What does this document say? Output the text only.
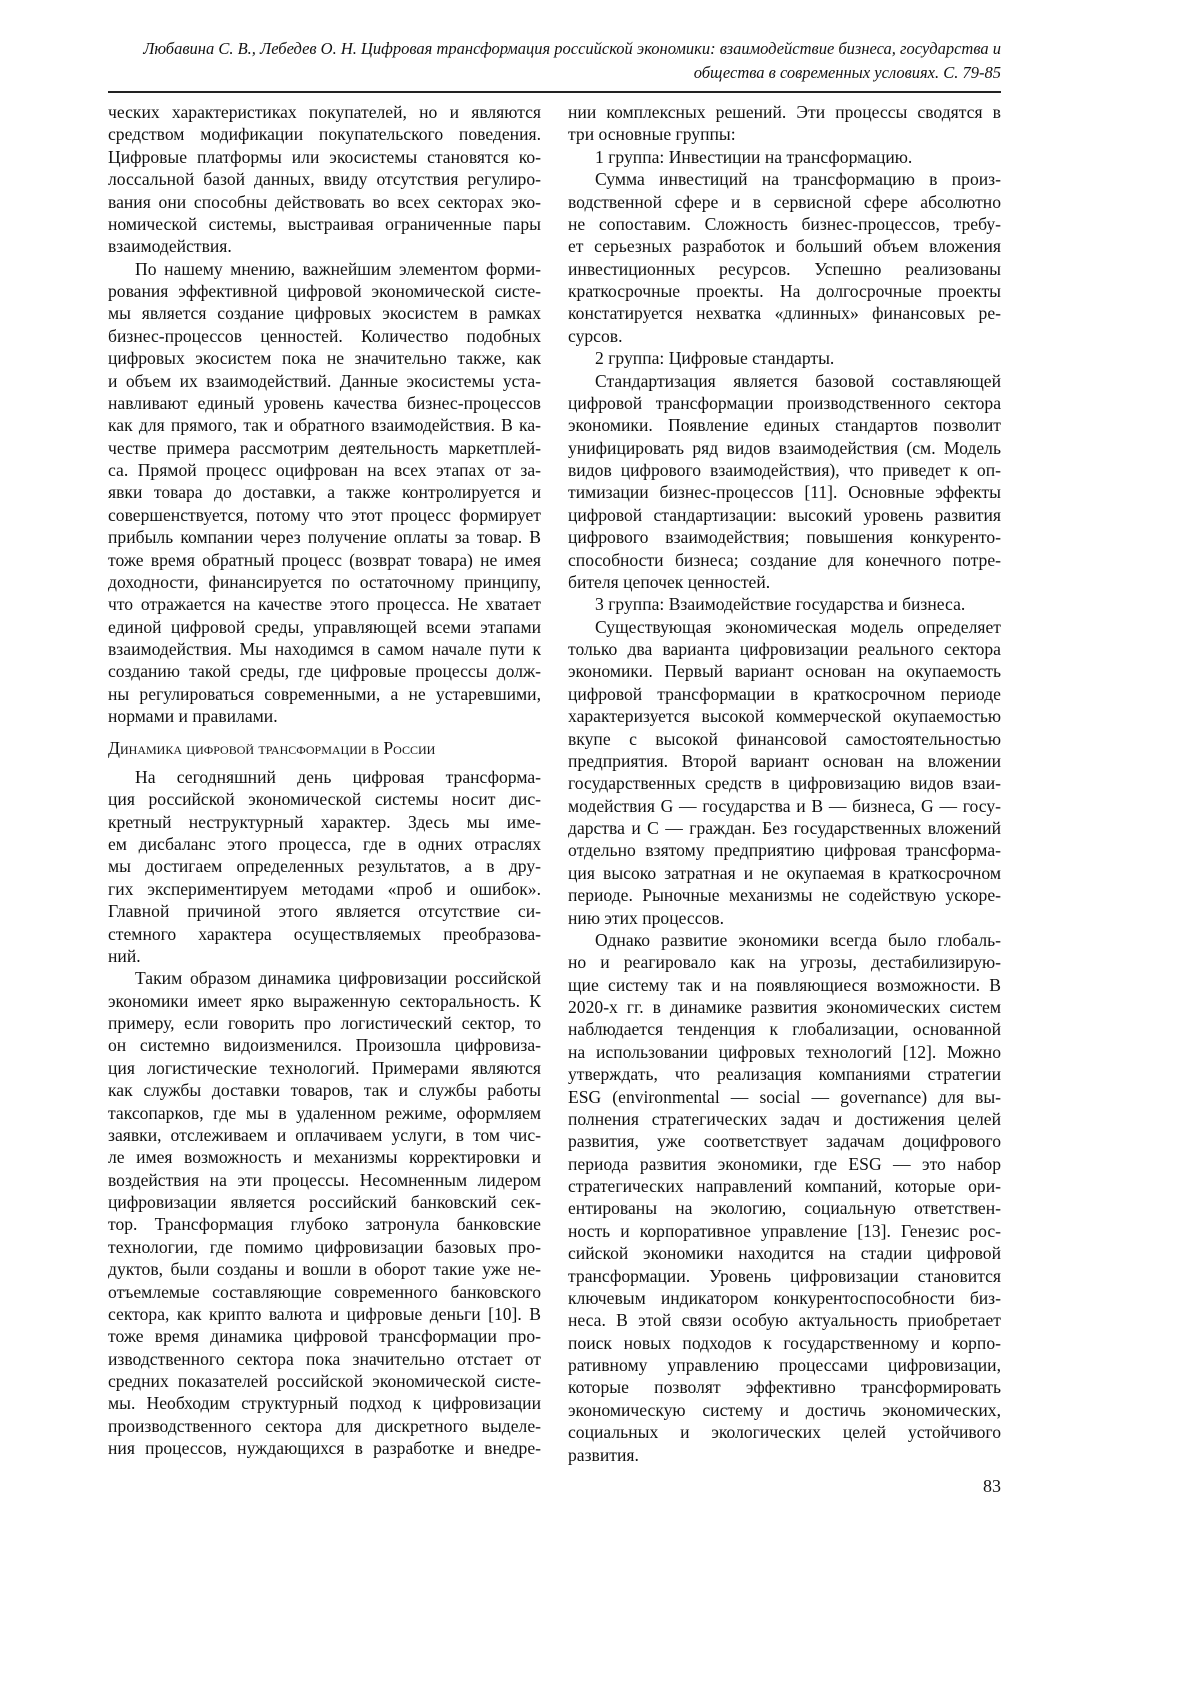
Любавина С. В., Лебедев О. Н. Цифровая трансформация российской экономики: взаимодействие бизнеса, государства и
общества в современных условиях. С. 79-85
ческих характеристиках покупателей, но и являются
средством модификации покупательского поведения.
Цифровые платформы или экосистемы становятся ко-
лоссальной базой данных, ввиду отсутствия регулиро-
вания они способны действовать во всех секторах эко-
номической системы, выстраивая ограниченные пары
взаимодействия.
По нашему мнению, важнейшим элементом форми-
рования эффективной цифровой экономической систе-
мы является создание цифровых экосистем в рамках
бизнес-процессов ценностей. Количество подобных
цифровых экосистем пока не значительно также, как
и объем их взаимодействий. Данные экосистемы уста-
навливают единый уровень качества бизнес-процессов
как для прямого, так и обратного взаимодействия. В ка-
честве примера рассмотрим деятельность маркетплей-
са. Прямой процесс оцифрован на всех этапах от за-
явки товара до доставки, а также контролируется и
совершенствуется, потому что этот процесс формирует
прибыль компании через получение оплаты за товар. В
тоже время обратный процесс (возврат товара) не имея
доходности, финансируется по остаточному принципу,
что отражается на качестве этого процесса. Не хватает
единой цифровой среды, управляющей всеми этапами
взаимодействия. Мы находимся в самом начале пути к
созданию такой среды, где цифровые процессы долж-
ны регулироваться современными, а не устаревшими,
нормами и правилами.
Динамика цифровой трансформации в России
На сегодняшний день цифровая трансформа-
ция российской экономической системы носит дис-
кретный неструктурный характер. Здесь мы име-
ем дисбаланс этого процесса, где в одних отраслях
мы достигаем определенных результатов, а в дру-
гих экспериментируем методами «проб и ошибок».
Главной причиной этого является отсутствие си-
стемного характера осуществляемых преобразова-
ний.
Таким образом динамика цифровизации российской
экономики имеет ярко выраженную секторальность. К
примеру, если говорить про логистический сектор, то
он системно видоизменился. Произошла цифровиза-
ция логистические технологий. Примерами являются
как службы доставки товаров, так и службы работы
таксопарков, где мы в удаленном режиме, оформляем
заявки, отслеживаем и оплачиваем услуги, в том чис-
ле имея возможность и механизмы корректировки и
воздействия на эти процессы. Несомненным лидером
цифровизации является российский банковский сек-
тор. Трансформация глубоко затронула банковские
технологии, где помимо цифровизации базовых про-
дуктов, были созданы и вошли в оборот такие уже не-
отъемлемые составляющие современного банковского
сектора, как крипто валюта и цифровые деньги [10]. В
тоже время динамика цифровой трансформации про-
изводственного сектора пока значительно отстает от
средних показателей российской экономической систе-
мы. Необходим структурный подход к цифровизации
производственного сектора для дискретного выделе-
ния процессов, нуждающихся в разработке и внедре-
нии комплексных решений. Эти процессы сводятся в
три основные группы:
1 группа: Инвестиции на трансформацию.
Сумма инвестиций на трансформацию в произ-
водственной сфере и в сервисной сфере абсолютно
не сопоставим. Сложность бизнес-процессов, требу-
ет серьезных разработок и больший объем вложения
инвестиционных ресурсов. Успешно реализованы
краткосрочные проекты. На долгосрочные проекты
констатируется нехватка «длинных» финансовых ре-
сурсов.
2 группа: Цифровые стандарты.
Стандартизация является базовой составляющей
цифровой трансформации производственного сектора
экономики. Появление единых стандартов позволит
унифицировать ряд видов взаимодействия (см. Модель
видов цифрового взаимодействия), что приведет к оп-
тимизации бизнес-процессов [11]. Основные эффекты
цифровой стандартизации: высокий уровень развития
цифрового взаимодействия; повышения конкуренто-
способности бизнеса; создание для конечного потре-
бителя цепочек ценностей.
3 группа: Взаимодействие государства и бизнеса.
Существующая экономическая модель определяет
только два варианта цифровизации реального сектора
экономики. Первый вариант основан на окупаемость
цифровой трансформации в краткосрочном периоде
характеризуется высокой коммерческой окупаемостью
вкупе с высокой финансовой самостоятельностью
предприятия. Второй вариант основан на вложении
государственных средств в цифровизацию видов взаи-
модействия G — государства и B — бизнеса, G — госу-
дарства и C — граждан. Без государственных вложений
отдельно взятому предприятию цифровая трансформа-
ция высоко затратная и не окупаемая в краткосрочном
периоде. Рыночные механизмы не содействую ускоре-
нию этих процессов.
Однако развитие экономики всегда было глобаль-
но и реагировало как на угрозы, дестабилизирую-
щие систему так и на появляющиеся возможности. В
2020-х гг. в динамике развития экономических систем
наблюдается тенденция к глобализации, основанной
на использовании цифровых технологий [12]. Можно
утверждать, что реализация компаниями стратегии
ESG (environmental — social — governance) для вы-
полнения стратегических задач и достижения целей
развития, уже соответствует задачам доцифрового
периода развития экономики, где ESG — это набор
стратегических направлений компаний, которые ори-
ентированы на экологию, социальную ответствен-
ность и корпоративное управление [13]. Генезис рос-
сийской экономики находится на стадии цифровой
трансформации. Уровень цифровизации становится
ключевым индикатором конкурентоспособности биз-
неса. В этой связи особую актуальность приобретает
поиск новых подходов к государственному и корпо-
ративному управлению процессами цифровизации,
которые позволят эффективно трансформировать
экономическую систему и достичь экономических,
социальных и экологических целей устойчивого
развития.
83
